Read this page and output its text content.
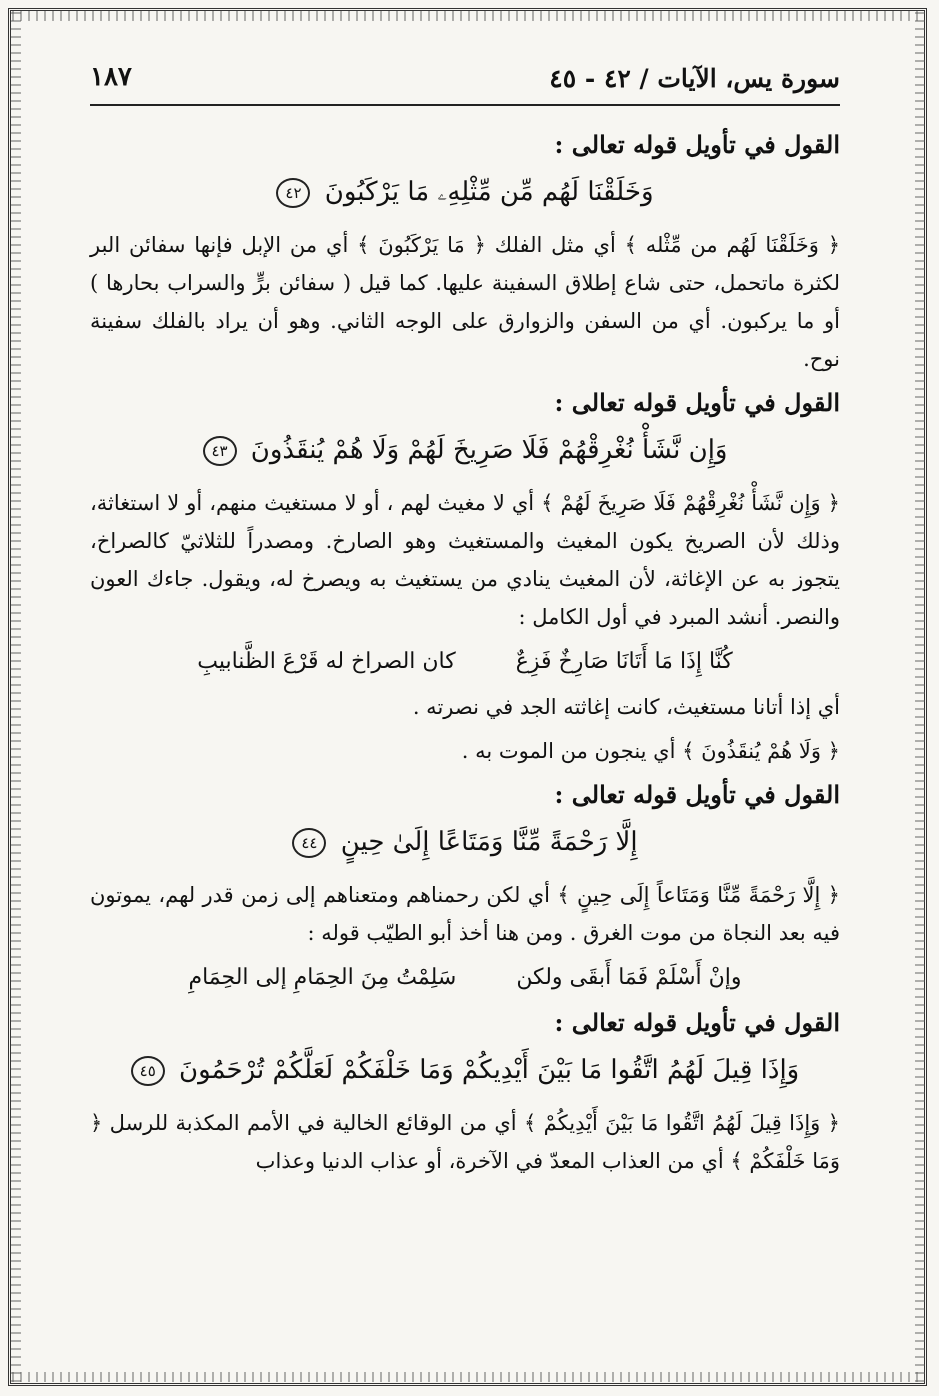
سورة يس، الآيات / ٤٢ - ٤٥
١٨٧
القول في تأويل قوله تعالى :
وَخَلَقْنَا لَهُم مِّن مِّثْلِهِۦ مَا يَرْكَبُونَ ٤٢

﴿ وَخَلَقْنَا لَهُم من مِّثْله ﴾ أي مثل الفلك ﴿ مَا يَرْكَبُونَ ﴾ أي من الإبل فإنها سفائن البر لكثرة ماتحمل، حتى شاع إطلاق السفينة عليها. كما قيل ( سفائن برٍّ والسراب بحارها ) أو ما يركبون. أي من السفن والزوارق على الوجه الثاني. وهو أن يراد بالفلك سفينة نوح.

القول في تأويل قوله تعالى :
وَإِن نَّشَأْ نُغْرِقْهُمْ فَلَا صَرِيخَ لَهُمْ وَلَا هُمْ يُنقَذُونَ ٤٣

﴿ وَإِن نَّشَأْ نُغْرِقْهُمْ فَلَا صَرِيخَ لَهُمْ ﴾ أي لا مغيث لهم ، أو لا مستغيث منهم، أو لا استغاثة، وذلك لأن الصريخ يكون المغيث والمستغيث وهو الصارخ. ومصدراً للثلاثيّ كالصراخ، يتجوز به عن الإغاثة، لأن المغيث ينادي من يستغيث به ويصرخ له، ويقول. جاءك العون والنصر. أنشد المبرد في أول الكامل :

كُنَّا إِذَا مَا أَتَانَا صَارِخٌ فَزِعٌ
كان الصراخ له قَرْعَ الظَّنابيبِ

أي إذا أتانا مستغيث، كانت إغاثته الجد في نصرته .

﴿ وَلَا هُمْ يُنقَذُونَ ﴾ أي ينجون من الموت به .

القول في تأويل قوله تعالى :
إِلَّا رَحْمَةً مِّنَّا وَمَتَاعًا إِلَىٰ حِينٍ ٤٤

﴿ إِلَّا رَحْمَةً مِّنَّا وَمَتَاعاً إِلَى حِينٍ ﴾ أي لكن رحمناهم ومتعناهم إلى زمن قدر لهم، يموتون فيه بعد النجاة من موت الغرق . ومن هنا أخذ أبو الطيّب قوله :

وإنْ أَسْلَمْ فَمَا أَبقَى ولكن
سَلِمْتُ مِنَ الحِمَامِ إلى الحِمَامِ
القول في تأويل قوله تعالى :
وَإِذَا قِيلَ لَهُمُ اتَّقُوا مَا بَيْنَ أَيْدِيكُمْ وَمَا خَلْفَكُمْ لَعَلَّكُمْ تُرْحَمُونَ ٤٥

﴿ وَإِذَا قِيلَ لَهُمُ اتَّقُوا مَا بَيْنَ أَيْدِيكُمْ ﴾ أي من الوقائع الخالية في الأمم المكذبة للرسل ﴿ وَمَا خَلْفَكُمْ ﴾ أي من العذاب المعدّ في الآخرة، أو عذاب الدنيا وعذاب
